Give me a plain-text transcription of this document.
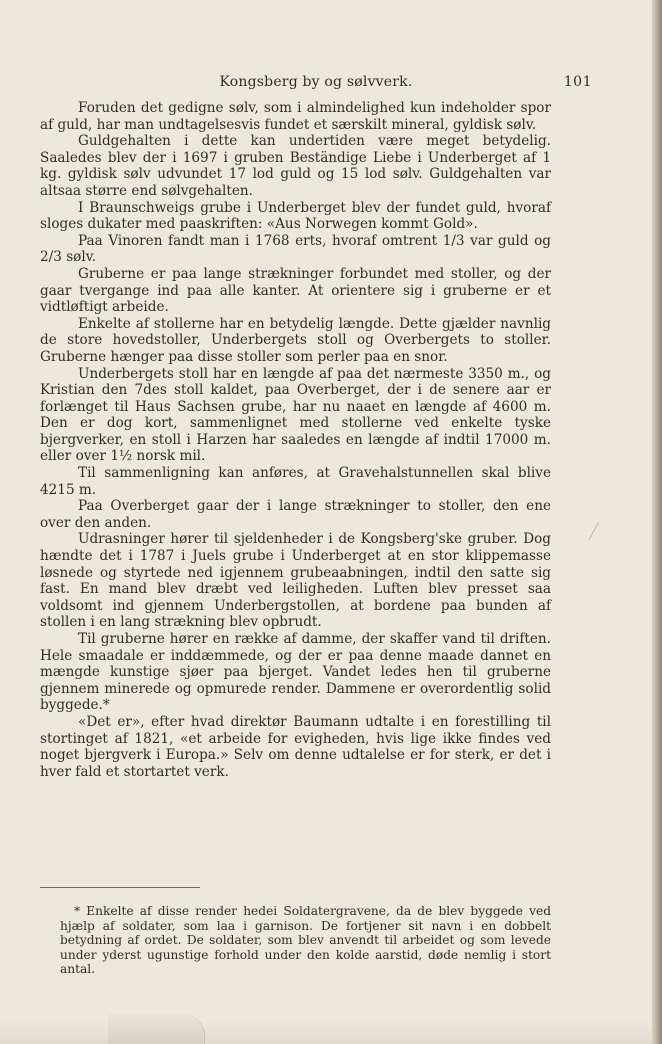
Kongsberg by og sølvverk.	101

Foruden det gedigne sølv, som i almindelighed kun indeholder spor af guld, har man undtagelsesvis fundet et særskilt mineral, gyldisk sølv.

Guldgehalten i dette kan undertiden være meget betydelig. Saaledes blev der i 1697 i gruben Beständige Liebe i Underberget af 1 kg. gyldisk sølv udvundet 17 lod guld og 15 lod sølv. Guldgehalten var altsaa større end sølvgehalten.

I Braunschweigs grube i Underberget blev der fundet guld, hvoraf sloges dukater med paaskriften: «Aus Norwegen kommt Gold».

Paa Vinoren fandt man i 1768 erts, hvoraf omtrent 1/3 var guld og 2/3 sølv.

Gruberne er paa lange strækninger forbundet med stoller, og der gaar tvergange ind paa alle kanter. At orientere sig i gruberne er et vidtløftigt arbeide.

Enkelte af stollerne har en betydelig længde. Dette gjælder navnlig de store hovedstoller, Underbergets stoll og Overbergets to stoller. Gruberne hænger paa disse stoller som perler paa en snor.

Underbergets stoll har en længde af paa det nærmeste 3350 m., og Kristian den 7des stoll kaldet, paa Overberget, der i de senere aar er forlænget til Haus Sachsen grube, har nu naaet en længde af 4600 m. Den er dog kort, sammenlignet med stollerne ved enkelte tyske bjergverker, en stoll i Harzen har saaledes en længde af indtil 17000 m. eller over 1½ norsk mil.

Til sammenligning kan anføres, at Gravehalstunnellen skal blive 4215 m.

Paa Overberget gaar der i lange strækninger to stoller, den ene over den anden.

Udrasninger hører til sjeldenheder i de Kongsberg'ske gruber. Dog hændte det i 1787 i Juels grube i Underberget at en stor klippemasse løsnede og styrtede ned igjennem grubeaabningen, indtil den satte sig fast. En mand blev dræbt ved leiligheden. Luften blev presset saa voldsomt ind gjennem Underbergstollen, at bordene paa bunden af stollen i en lang strækning blev opbrudt.

Til gruberne hører en række af damme, der skaffer vand til driften. Hele smaadale er inddæmmede, og der er paa denne maade dannet en mængde kunstige sjøer paa bjerget. Vandet ledes hen til gruberne gjennem minerede og opmurede render. Dammene er overordentlig solid byggede.*

«Det er», efter hvad direktør Baumann udtalte i en forestilling til stortinget af 1821, «et arbeide for evigheden, hvis lige ikke findes ved noget bjergverk i Europa.» Selv om denne udtalelse er for sterk, er det i hver fald et stortartet verk.

* Enkelte af disse render hedei Soldatergravene, da de blev byggede ved hjælp af soldater, som laa i garnison. De fortjener sit navn i en dobbelt betydning af ordet. De soldater, som blev anvendt til arbeidet og som levede under yderst ugunstige forhold under den kolde aarstid, døde nemlig i stort antal.
